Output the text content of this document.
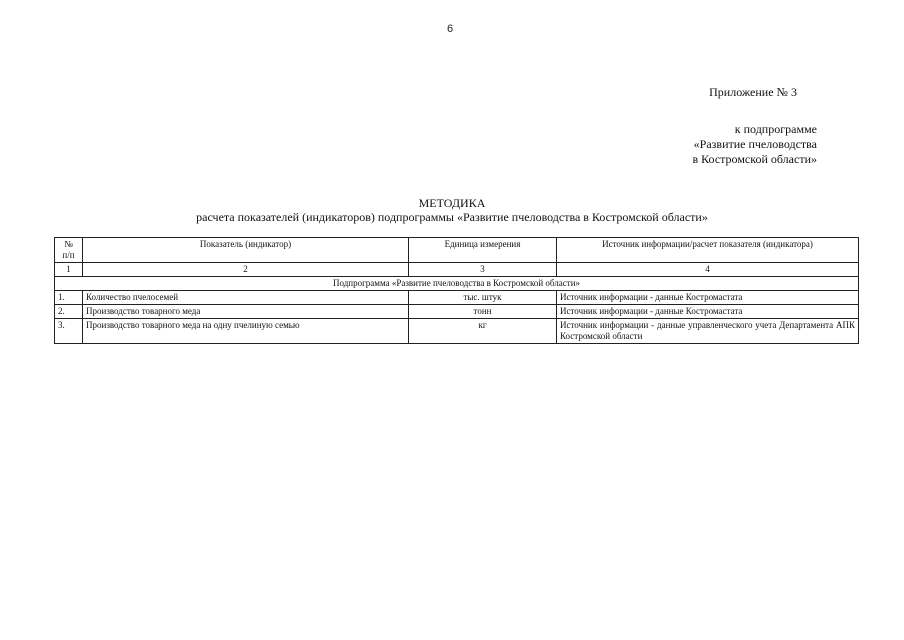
6
Приложение № 3
к подпрограмме
«Развитие пчеловодства
в Костромской области»
МЕТОДИКА
расчета показателей (индикаторов) подпрограммы «Развитие пчеловодства в Костромской области»
№
п/п	Показатель (индикатор)	Единица измерения	Источник информации/расчет показателя (индикатора)
1	2	3	4
Подпрограмма «Развитие пчеловодства в Костромской области»			
1.	Количество пчелосемей	тыс. штук	Источник информации - данные Костромастата
2.	Производство товарного меда	тонн	Источник информации - данные Костромастата
3.	Производство товарного меда на одну пчелиную семью	кг	Источник информации - данные управленческого учета Департамента АПК Костромской области
